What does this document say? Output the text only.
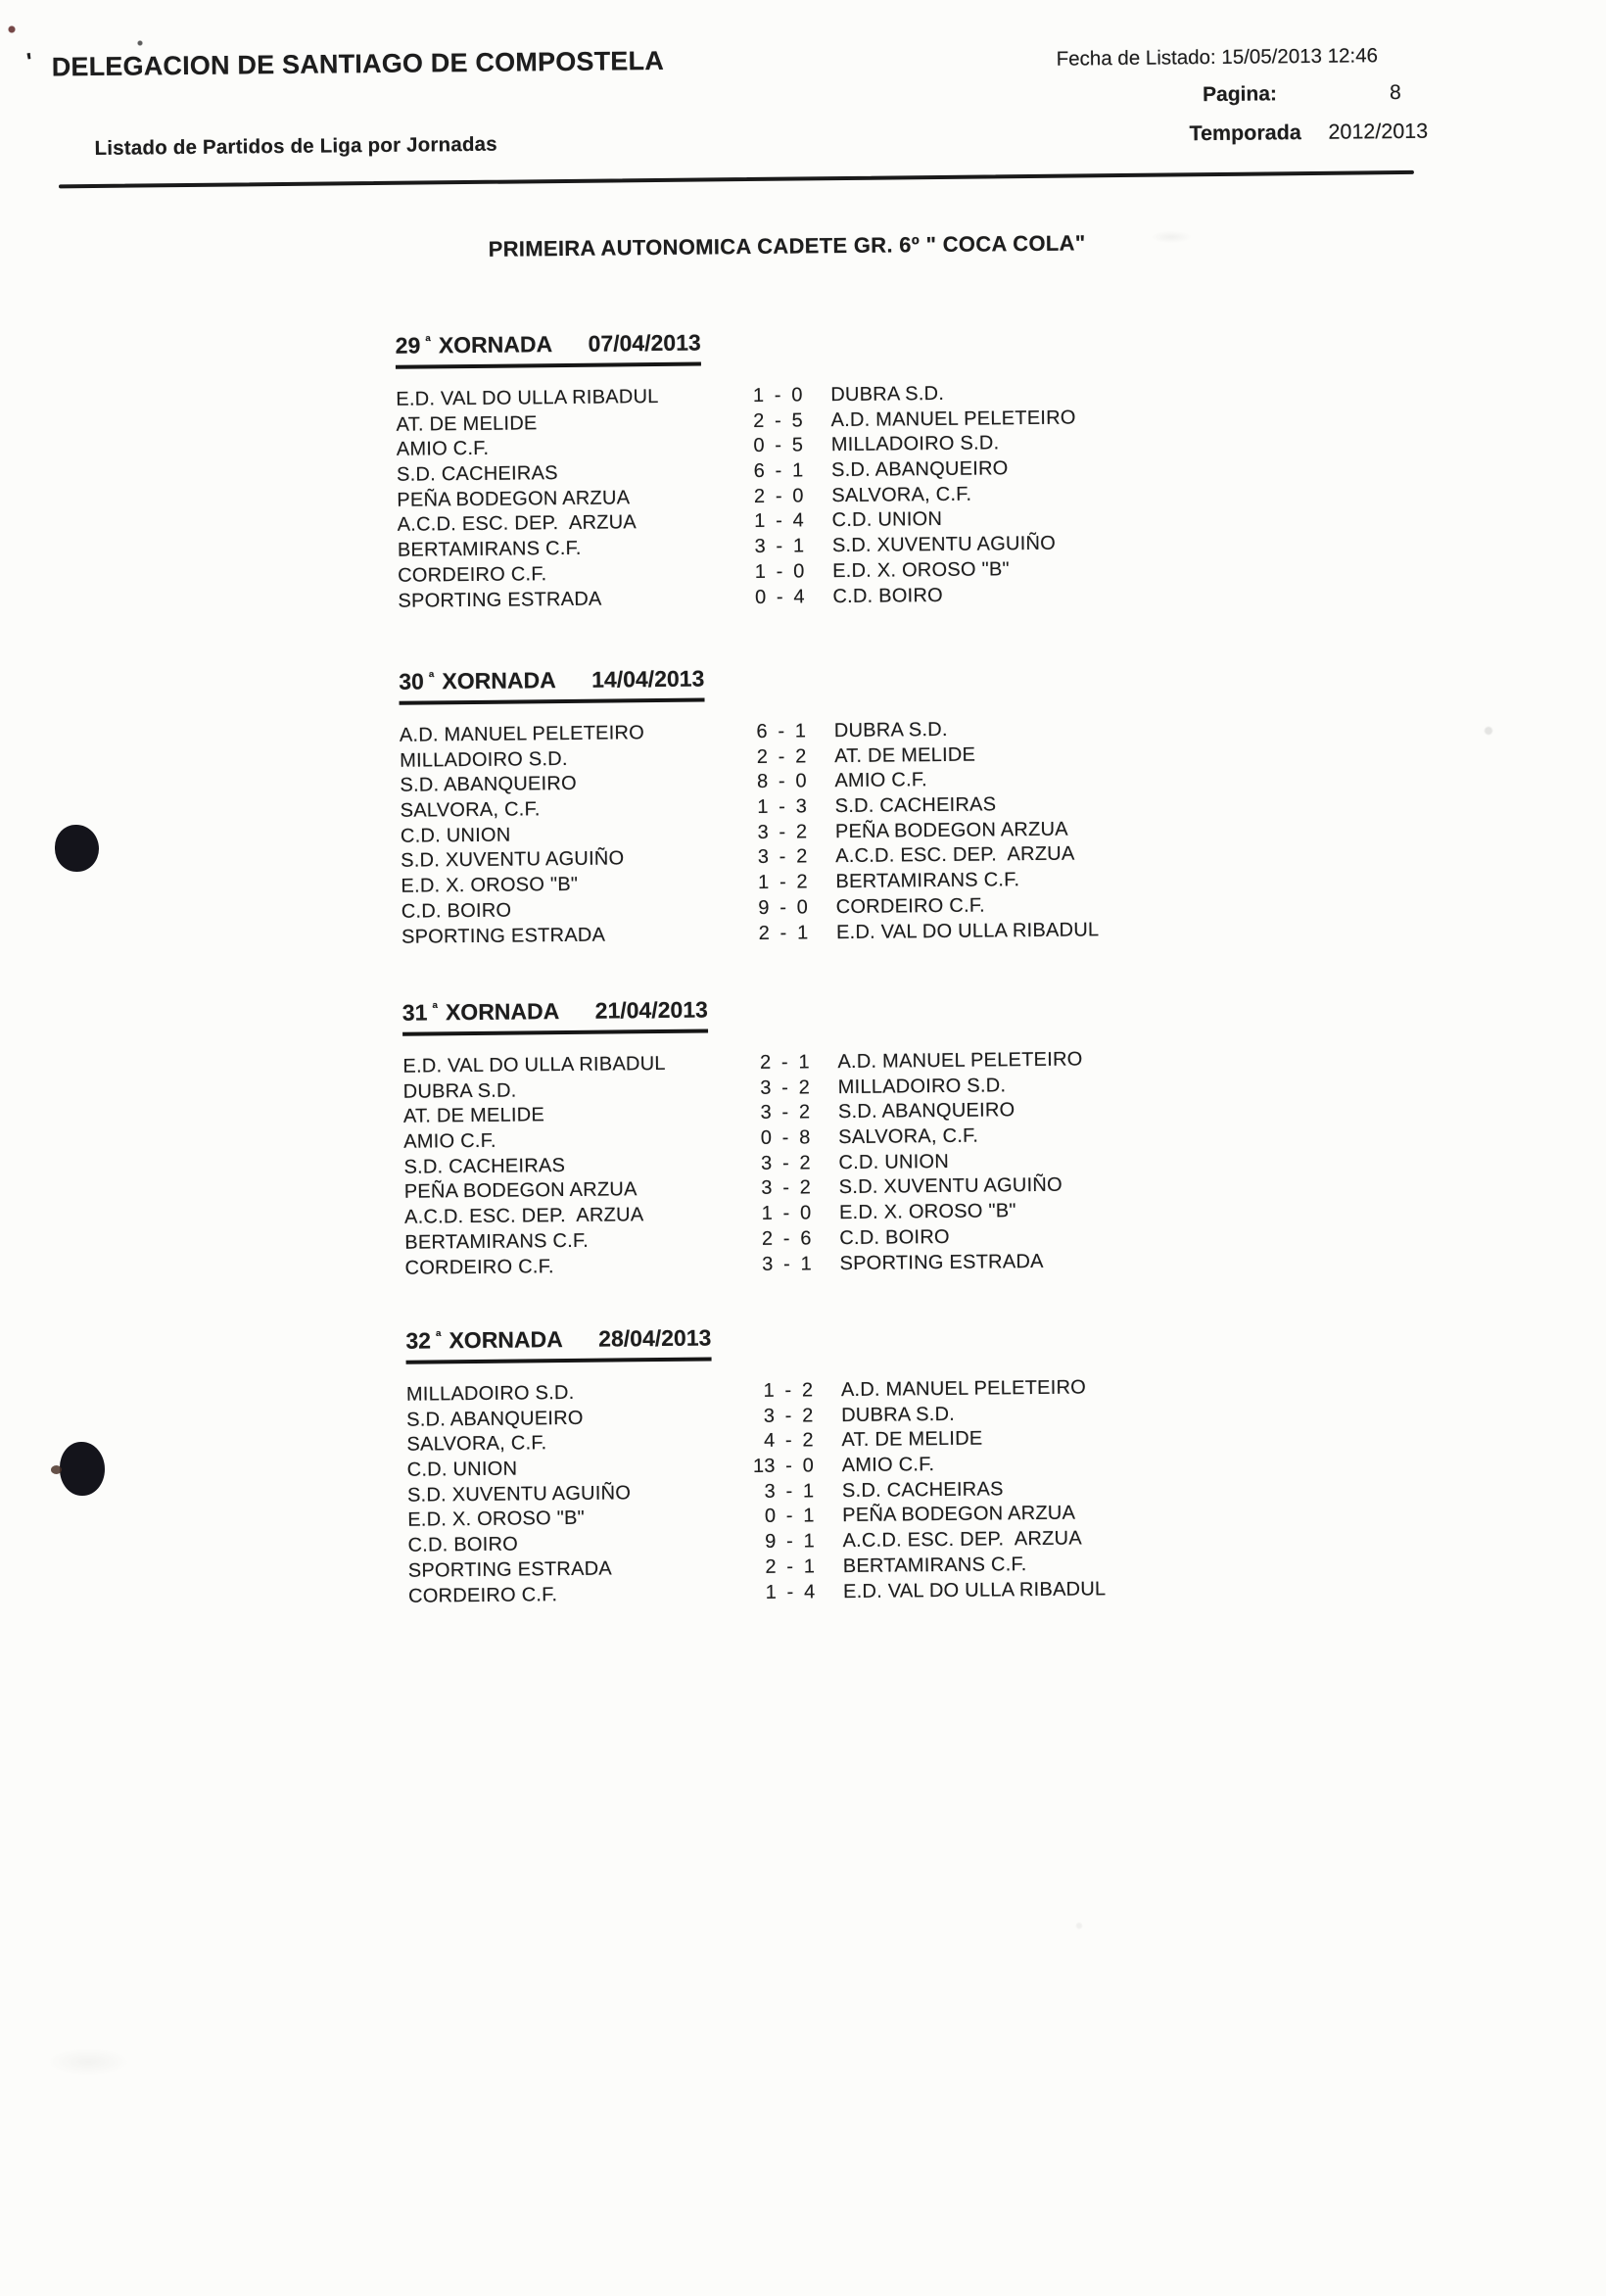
' DELEGACION DE SANTIAGO DE COMPOSTELA	Fecha de Listado: 15/05/2013 12:46
Pagina:	8
Listado de Partidos de Liga por Jornadas	Temporada 2012/2013
PRIMEIRA AUTONOMICA CADETE GR. 6º " COCA COLA"
29 ª XORNADA 07/04/2013
E.D. VAL DO ULLA RIBADUL	1 - 0	DUBRA S.D.
AT. DE MELIDE	2 - 5	A.D. MANUEL PELETEIRO
AMIO C.F.	0 - 5	MILLADOIRO S.D.
S.D. CACHEIRAS	6 - 1	S.D. ABANQUEIRO
PEÑA BODEGON ARZUA	2 - 0	SALVORA, C.F.
A.C.D. ESC. DEP.  ARZUA	1 - 4	C.D. UNION
BERTAMIRANS C.F.	3 - 1	S.D. XUVENTU AGUIÑO
CORDEIRO C.F.	1 - 0	E.D. X. OROSO "B"
SPORTING ESTRADA	0 - 4	C.D. BOIRO
30 ª XORNADA 14/04/2013
A.D. MANUEL PELETEIRO	6 - 1	DUBRA S.D.
MILLADOIRO S.D.	2 - 2	AT. DE MELIDE
S.D. ABANQUEIRO	8 - 0	AMIO C.F.
SALVORA, C.F.	1 - 3	S.D. CACHEIRAS
C.D. UNION	3 - 2	PEÑA BODEGON ARZUA
S.D. XUVENTU AGUIÑO	3 - 2	A.C.D. ESC. DEP.  ARZUA
E.D. X. OROSO "B"	1 - 2	BERTAMIRANS C.F.
C.D. BOIRO	9 - 0	CORDEIRO C.F.
SPORTING ESTRADA	2 - 1	E.D. VAL DO ULLA RIBADUL
31 ª XORNADA 21/04/2013
E.D. VAL DO ULLA RIBADUL	2 - 1	A.D. MANUEL PELETEIRO
DUBRA S.D.	3 - 2	MILLADOIRO S.D.
AT. DE MELIDE	3 - 2	S.D. ABANQUEIRO
AMIO C.F.	0 - 8	SALVORA, C.F.
S.D. CACHEIRAS	3 - 2	C.D. UNION
PEÑA BODEGON ARZUA	3 - 2	S.D. XUVENTU AGUIÑO
A.C.D. ESC. DEP.  ARZUA	1 - 0	E.D. X. OROSO "B"
BERTAMIRANS C.F.	2 - 6	C.D. BOIRO
CORDEIRO C.F.	3 - 1	SPORTING ESTRADA
32 ª XORNADA 28/04/2013
MILLADOIRO S.D.	1 - 2	A.D. MANUEL PELETEIRO
S.D. ABANQUEIRO	3 - 2	DUBRA S.D.
SALVORA, C.F.	4 - 2	AT. DE MELIDE
C.D. UNION	13 - 0	AMIO C.F.
S.D. XUVENTU AGUIÑO	3 - 1	S.D. CACHEIRAS
E.D. X. OROSO "B"	0 - 1	PEÑA BODEGON ARZUA
C.D. BOIRO	9 - 1	A.C.D. ESC. DEP.  ARZUA
SPORTING ESTRADA	2 - 1	BERTAMIRANS C.F.
CORDEIRO C.F.	1 - 4	E.D. VAL DO ULLA RIBADUL
